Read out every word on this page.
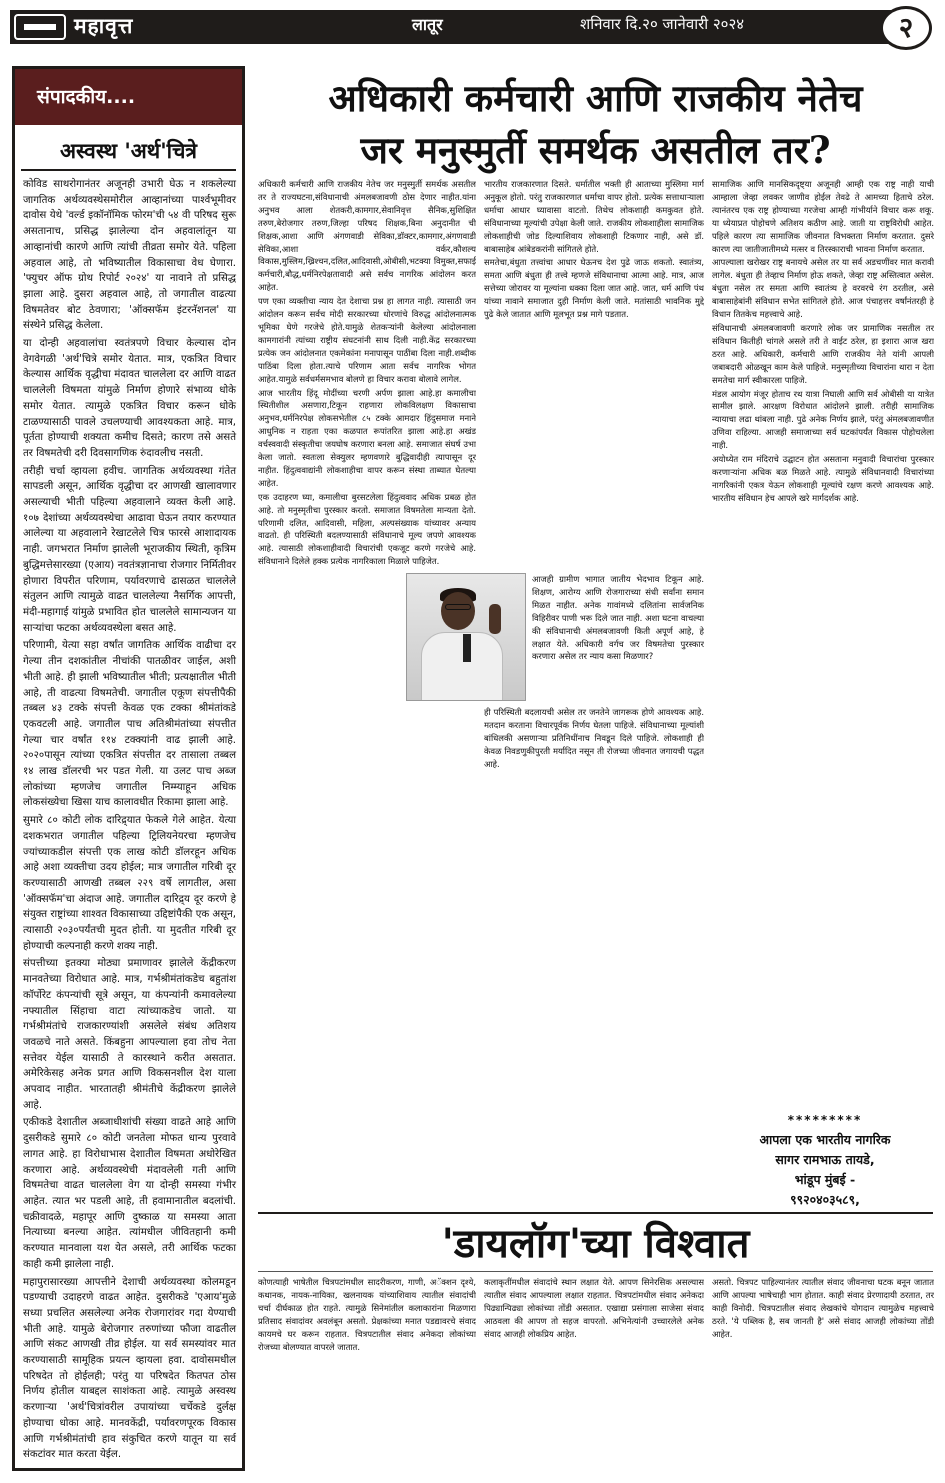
महावृत्त	लातूर	शनिवार दि.२० जानेवारी २०२४	२
संपादकीय....
अस्वस्थ 'अर्थ'चित्रे

कोविड साथरोगानंतर अजूनही उभारी घेऊ न शकलेल्या जागतिक अर्थव्यवस्थेसमोरील आव्हानांच्या पार्श्वभूमीवर दावोस येथे 'वर्ल्ड इकॉनॉमिक फोरम'ची ५४ वी परिषद सुरू असतानाच, प्रसिद्ध झालेल्या दोन अहवालांतून या आव्हानांची कारणे आणि त्यांची तीव्रता समोर येते. पहिला अहवाल आहे, तो भविष्यातील विकासाचा वेध घेणारा. 'फ्युचर ऑफ ग्रोथ रिपोर्ट २०२४' या नावाने तो प्रसिद्ध झाला आहे. दुसरा अहवाल आहे, तो जगातील वाढत्या विषमतेवर बोट ठेवणारा; 'ऑक्सफॅम इंटरनॅशनल' या संस्थेने प्रसिद्ध केलेला.

या दोन्ही अहवालांचा स्वतंत्रपणे विचार केल्यास दोन वेगवेगळी 'अर्थ'चित्रे समोर येतात. मात्र, एकत्रित विचार केल्यास आर्थिक वृद्धीचा मंदावत चाललेला दर आणि वाढत चाललेली विषमता यांमुळे निर्माण होणारे संभाव्य धोके समोर येतात. त्यामुळे एकत्रित विचार करून धोके टाळण्यासाठी पावले उचलण्याची आवश्यकता आहे. मात्र, पूर्तता होण्याची शक्यता कमीच दिसते; कारण तसे असते तर विषमतेची दरी दिवसागणिक रुंदावलीच नसती.

तरीही चर्चा व्हायला हवीच. जागतिक अर्थव्यवस्था गंतेत सापडली असून, आर्थिक वृद्धीचा दर आणखी खालावणार असल्याची भीती पहिल्या अहवालाने व्यक्त केली आहे. १०७ देशांच्या अर्थव्यवस्थेचा आढावा घेऊन तयार करण्यात आलेल्या या अहवालाने रेखाटलेले चित्र फारसे आशादायक नाही. जगभरात निर्माण झालेली भूराजकीय स्थिती, कृत्रिम बुद्धिमत्तेसारख्या (एआय) नवतंत्रज्ञानाचा रोजगार निर्मितीवर होणारा विपरीत परिणाम, पर्यावरणाचे ढासळत चाललेले संतुलन आणि त्यामुळे वाढत चाललेल्या नैसर्गिक आपत्ती, मंदी-महागाई यांमुळे प्रभावित होत चाललेले सामान्यजन या साऱ्यांचा फटका अर्थव्यवस्थेला बसत आहे.

परिणामी, येत्या सहा वर्षांत जागतिक आर्थिक वाढीचा दर गेल्या तीन दशकांतील नीचांकी पातळीवर जाईल, अशी भीती आहे. ही झाली भविष्यातील भीती; प्रत्यक्षातील भीती आहे, ती वाढत्या विषमतेची. जगातील एकूण संपत्तीपैकी तब्बल ४३ टक्के संपत्ती केवळ एक टक्का श्रीमंतांकडे एकवटली आहे. जगातील पाच अतिश्रीमंतांच्या संपत्तीत गेल्या चार वर्षांत ११४ टक्क्यांनी वाढ झाली आहे. २०२०पासून त्यांच्या एकत्रित संपत्तीत दर तासाला तब्बल १४ लाख डॉलरची भर पडत गेली. या उलट पाच अब्ज लोकांच्या म्हणजेच जगातील निम्म्याहून अधिक लोकसंख्येचा खिसा याच कालावधीत रिकामा झाला आहे.

सुमारे ८० कोटी लोक दारिद्र्यात फेकले गेले आहेत. येत्या दशकभरात जगातील पहिल्या ट्रिलियनेयरचा म्हणजेच ज्यांच्याकडील संपत्ती एक लाख कोटी डॉलरहून अधिक आहे अशा व्यक्तीचा उदय होईल; मात्र जगातील गरिबी दूर करण्यासाठी आणखी तब्बल २२९ वर्षे लागतील, असा 'ऑक्सफॅम'चा अंदाज आहे. जगातील दारिद्र्य दूर करणे हे संयुक्त राष्ट्रांच्या शाश्वत विकासाच्या उद्दिष्टांपैकी एक असून, त्यासाठी २०३०पर्यंतची मुदत होती. या मुदतीत गरिबी दूर होण्याची कल्पनाही करणे शक्य नाही.

संपत्तीच्या इतक्या मोठ्या प्रमाणावर झालेले केंद्रीकरण मानवतेच्या विरोधात आहे. मात्र, गर्भश्रीमंतांकडेच बहुतांश कॉर्पोरेट कंपन्यांची सूत्रे असून, या कंपन्यांनी कमावलेल्या नफ्यातील सिंहाचा वाटा त्यांच्याकडेच जातो. या गर्भश्रीमंतांचे राजकारण्यांशी असलेले संबंध अतिशय जवळचे नाते असते. किंबहुना आपल्याला हवा तोच नेता सत्तेवर येईल यासाठी ते कारस्थाने करीत असतात. अमेरिकेसह अनेक प्रगत आणि विकसनशील देश याला अपवाद नाहीत. भारतातही श्रीमंतीचे केंद्रीकरण झालेले आहे.

एकीकडे देशातील अब्जाधीशांची संख्या वाढते आहे आणि दुसरीकडे सुमारे ८० कोटी जनतेला मोफत धान्य पुरवावे लागत आहे. हा विरोधाभास देशातील विषमता अधोरेखित करणारा आहे. अर्थव्यवस्थेची मंदावलेली गती आणि विषमतेचा वाढत चाललेला वेग या दोन्ही समस्या गंभीर आहेत. त्यात भर पडली आहे, ती हवामानातील बदलांची. चक्रीवादळे, महापूर आणि दुष्काळ या समस्या आता नित्याच्या बनल्या आहेत. त्यांमधील जीवितहानी कमी करण्यात मानवाला यश येत असले, तरी आर्थिक फटका काही कमी झालेला नाही.

महापुरासारख्या आपत्तीने देशाची अर्थव्यवस्था कोलमडून पडण्याची उदाहरणे वाढत आहेत. दुसरीकडे 'एआय'मुळे सध्या प्रचलित असलेल्या अनेक रोजगारांवर गदा येण्याची भीती आहे. यामुळे बेरोजगार तरुणांच्या फौजा वाढतील आणि संकट आणखी तीव्र होईल. या सर्व समस्यांवर मात करण्यासाठी सामूहिक प्रयत्न व्हायला हवा. दावोसमधील परिषदेत तो होईलही; परंतु या परिषदेत कितपत ठोस निर्णय होतील याबद्दल साशंकता आहे. त्यामुळे अस्वस्थ करणाऱ्या 'अर्थ'चित्रांवरील उपायांच्या चर्चेकडे दुर्लक्ष होण्याचा धोका आहे. मानवकेंद्री, पर्यावरणपूरक विकास आणि गर्भश्रीमंतांची हाव संकुचित करणे यातून या सर्व संकटांवर मात करता येईल.

अधिकारी कर्मचारी आणि राजकीय नेतेच
जर मनुस्मुर्ती समर्थक असतील तर?

अधिकारी कर्मचारी आणि राजकीय नेतेच जर मनुस्मुर्ती समर्थक असतील तर ते राज्यघटना,संविधानाची अंमलबजावणी ठोस देणार नाहीत.यांना अनुभव आला शेतकरी,कामगार,सेवानिवृत्त सैनिक,सुशिक्षित तरुण,बेरोजगार तरुण,जिल्हा परिषद शिक्षक,बिना अनुदानीत ची शिक्षक,आशा आणि अंगणवाडी सेविका,डॉक्टर,कामगार,अंगणवाडी सेविका,आशा वर्कर,कौशल्य विकास,मुस्लिम,ख्रिश्चन,दलित,आदिवासी,ओबीसी,भटक्या विमुक्त,सफाई कर्मचारी,बौद्ध,धर्मनिरपेक्षतावादी असे सर्वच नागरिक आंदोलन करत आहेत.

पण एका व्यक्तीचा न्याय देत देशाचा प्रश्न हा लागत नाही. त्यासाठी जन आंदोलन करून सर्वच मोदी सरकारच्या धोरणांचे विरुद्ध आंदोलनात्मक भूमिका घेणे गरजेचे होते.यामुळे शेतकऱ्यांनी केलेल्या आंदोलनाला कामगारांनी त्यांच्या राष्ट्रीय संघटनांनी साथ दिली नाही.केंद्र सरकारच्या प्रत्येक जन आंदोलनात एकमेकांना मनापासून पाठींबा दिला नाही.शब्दीक पाठिंबा दिला होता.त्याचे परिणाम आता सर्वच नागरिक भोगत आहेत.यामुळे सर्वधर्मसमभाव बोलणे हा विचार करावा बोलावे लागेल.

आज भारतीय हिंदू मोदींच्या चरणी अर्पण झाला आहे.हा कमालीचा स्थितीशील असणारा,टिकून राहणारा लोकविलक्षण विकासाचा अनुभव,धर्मनिरपेक्ष लोकसभेतील ८५ टक्के आमदार हिंदुसमाज मनाने आधुनिक न राहता एका कळपात रूपांतरित झाला आहे.हा अखंड वर्चस्ववादी संस्कृतीचा जयघोष करणारा बनला आहे. समाजात संघर्ष उभा केला जातो. स्वतःला सेक्युलर म्हणवणारे बुद्धिवादीही त्यापासून दूर नाहीत. हिंदुत्ववाद्यांनी लोकशाहीचा वापर करून संस्था ताब्यात घेतल्या आहेत.

एक उदाहरण घ्या, कमालीचा बुरसटलेला हिंदुत्ववाद अधिक प्रबळ होत आहे. तो मनुस्मृतीचा पुरस्कार करतो. समाजात विषमतेला मान्यता देतो. परिणामी दलित, आदिवासी, महिला, अल्पसंख्याक यांच्यावर अन्याय वाढतो. ही परिस्थिती बदलण्यासाठी संविधानाचे मूल्य जपणे आवश्यक आहे. त्यासाठी लोकशाहीवादी विचारांची एकजूट करणे गरजेचे आहे. संविधानाने दिलेले हक्क प्रत्येक नागरिकाला मिळाले पाहिजेत.

भारतीय राजकारणात दिसते. धर्मातील भक्ती ही आताच्या मुस्लिमा मार्ग अनुकूल होतो. परंतु राजकारणात धर्माचा वापर होतो. प्रत्येक सत्ताधाऱ्याला धर्माचा आधार घ्यावासा वाटतो. तिथेच लोकशाही कमकुवत होते. संविधानाच्या मूल्यांची उपेक्षा केली जाते. राजकीय लोकशाहीला सामाजिक लोकशाहीची जोड दिल्याशिवाय लोकशाही टिकणार नाही, असे डॉ. बाबासाहेब आंबेडकरांनी सांगितले होते.

समतेचा,बंधुता तत्त्वांचा आधार घेऊनच देश पुढे जाऊ शकतो. स्वातंत्र्य, समता आणि बंधुता ही तत्त्वे म्हणजे संविधानाचा आत्मा आहे. मात्र, आज सत्तेच्या जोरावर या मूल्यांना धक्का दिला जात आहे. जात, धर्म आणि पंथ यांच्या नावाने समाजात दुही निर्माण केली जाते. मतांसाठी भावनिक मुद्दे पुढे केले जातात आणि मूलभूत प्रश्न मागे पडतात.

आजही ग्रामीण भागात जातीय भेदभाव टिकून आहे. शिक्षण, आरोग्य आणि रोजगाराच्या संधी सर्वांना समान मिळत नाहीत. अनेक गावांमध्ये दलितांना सार्वजनिक विहिरीवर पाणी भरू दिले जात नाही. अशा घटना वाचल्या की संविधानाची अंमलबजावणी किती अपूर्ण आहे, हे लक्षात येते. अधिकारी वर्गच जर विषमतेचा पुरस्कार करणारा असेल तर न्याय कसा मिळणार?

ही परिस्थिती बदलायची असेल तर जनतेने जागरूक होणे आवश्यक आहे. मतदान करताना विचारपूर्वक निर्णय घेतला पाहिजे. संविधानाच्या मूल्यांशी बांधिलकी असणाऱ्या प्रतिनिधींनाच निवडून दिले पाहिजे. लोकशाही ही केवळ निवडणुकीपुरती मर्यादित नसून ती रोजच्या जीवनात जगायची पद्धत आहे.

सामाजिक आणि मानसिकदृष्ट्या अजूनही आम्ही एक राष्ट्र नाही याची आम्हाला जेव्हा लवकर जाणीव होईल तेवढे ते आमच्या हिताचे ठरेल. त्यानंतरच एक राष्ट्र होण्याच्या गरजेचा आम्ही गांभीर्याने विचार करू शकू. या ध्येयाप्रत पोहोचणे अतिशय कठीण आहे. जाती या राष्ट्रविरोधी आहेत. पहिले कारण त्या सामाजिक जीवनात विभक्तता निर्माण करतात. दुसरे कारण त्या जातीजातीमध्ये मत्सर व तिरस्काराची भावना निर्माण करतात.

आपल्याला खरोखर राष्ट्र बनायचे असेल तर या सर्व अडचणींवर मात करावी लागेल. बंधुता ही तेव्हाच निर्माण होऊ शकते, जेव्हा राष्ट्र अस्तित्वात असेल. बंधुता नसेल तर समता आणि स्वातंत्र्य हे वरवरचे रंग ठरतील, असे बाबासाहेबांनी संविधान सभेत सांगितले होते. आज पंचाहत्तर वर्षांनंतरही हे विधान तितकेच महत्त्वाचे आहे.

संविधानाची अंमलबजावणी करणारे लोक जर प्रामाणिक नसतील तर संविधान कितीही चांगले असले तरी ते वाईट ठरेल, हा इशारा आज खरा ठरत आहे. अधिकारी, कर्मचारी आणि राजकीय नेते यांनी आपली जबाबदारी ओळखून काम केले पाहिजे. मनुस्मृतीच्या विचारांना थारा न देता समतेचा मार्ग स्वीकारला पाहिजे.

मंडल आयोग मंजूर होताच रथ यात्रा निघाली आणि सर्व ओबीसी या यात्रेत सामील झाले. आरक्षण विरोधात आंदोलने झाली. तरीही सामाजिक न्यायाचा लढा थांबला नाही. पुढे अनेक निर्णय झाले, परंतु अंमलबजावणीत उणिवा राहिल्या. आजही समाजाच्या सर्व घटकांपर्यंत विकास पोहोचलेला नाही.

अयोध्येत राम मंदिराचे उद्घाटन होत असताना मनुवादी विचारांचा पुरस्कार करणाऱ्यांना अधिक बळ मिळते आहे. त्यामुळे संविधानवादी विचारांच्या नागरिकांनी एकत्र येऊन लोकशाही मूल्यांचे रक्षण करणे आवश्यक आहे. भारतीय संविधान हेच आपले खरे मार्गदर्शक आहे.

*********
आपला एक भारतीय नागरिक
सागर रामभाऊ तायडे,
भांडूप मुंबई -
९९२०४०३५८९,
'डायलॉग'च्या विश्वात

कोणत्याही भाषेतील चित्रपटांमधील सादरीकरण, गाणी, अॅक्शन दृश्ये, कथानक, नायक-नायिका, खलनायक यांच्याशिवाय त्यातील संवादांची चर्चा दीर्घकाळ होत राहते. त्यामुळे सिनेमांतील कलाकारांना मिळणारा प्रतिसाद संवादांवर अवलंबून असतो. प्रेक्षकांच्या मनात पडद्यावरचे संवाद कायमचे घर करून राहतात. चित्रपटातील संवाद अनेकदा लोकांच्या रोजच्या बोलण्यात वापरले जातात.

कलाकृतींमधील संवादांचे स्थान लक्षात येते. आपण सिनेरसिक असल्यास त्यातील संवाद आपल्याला लक्षात राहतात. चित्रपटांमधील संवाद अनेकदा पिढ्यान्पिढ्या लोकांच्या तोंडी असतात. एखाद्या प्रसंगाला साजेसा संवाद आठवला की आपण तो सहज वापरतो. अभिनेत्यांनी उच्चारलेले अनेक संवाद आजही लोकप्रिय आहेत.

असतो. चित्रपट पाहिल्यानंतर त्यातील संवाद जीवनाचा घटक बनून जातात आणि आपल्या भाषेचाही भाग होतात. काही संवाद प्रेरणादायी ठरतात, तर काही विनोदी. चित्रपटातील संवाद लेखकांचे योगदान त्यामुळेच महत्त्वाचे ठरते. 'ये पब्लिक है, सब जानती है' असे संवाद आजही लोकांच्या तोंडी आहेत.
